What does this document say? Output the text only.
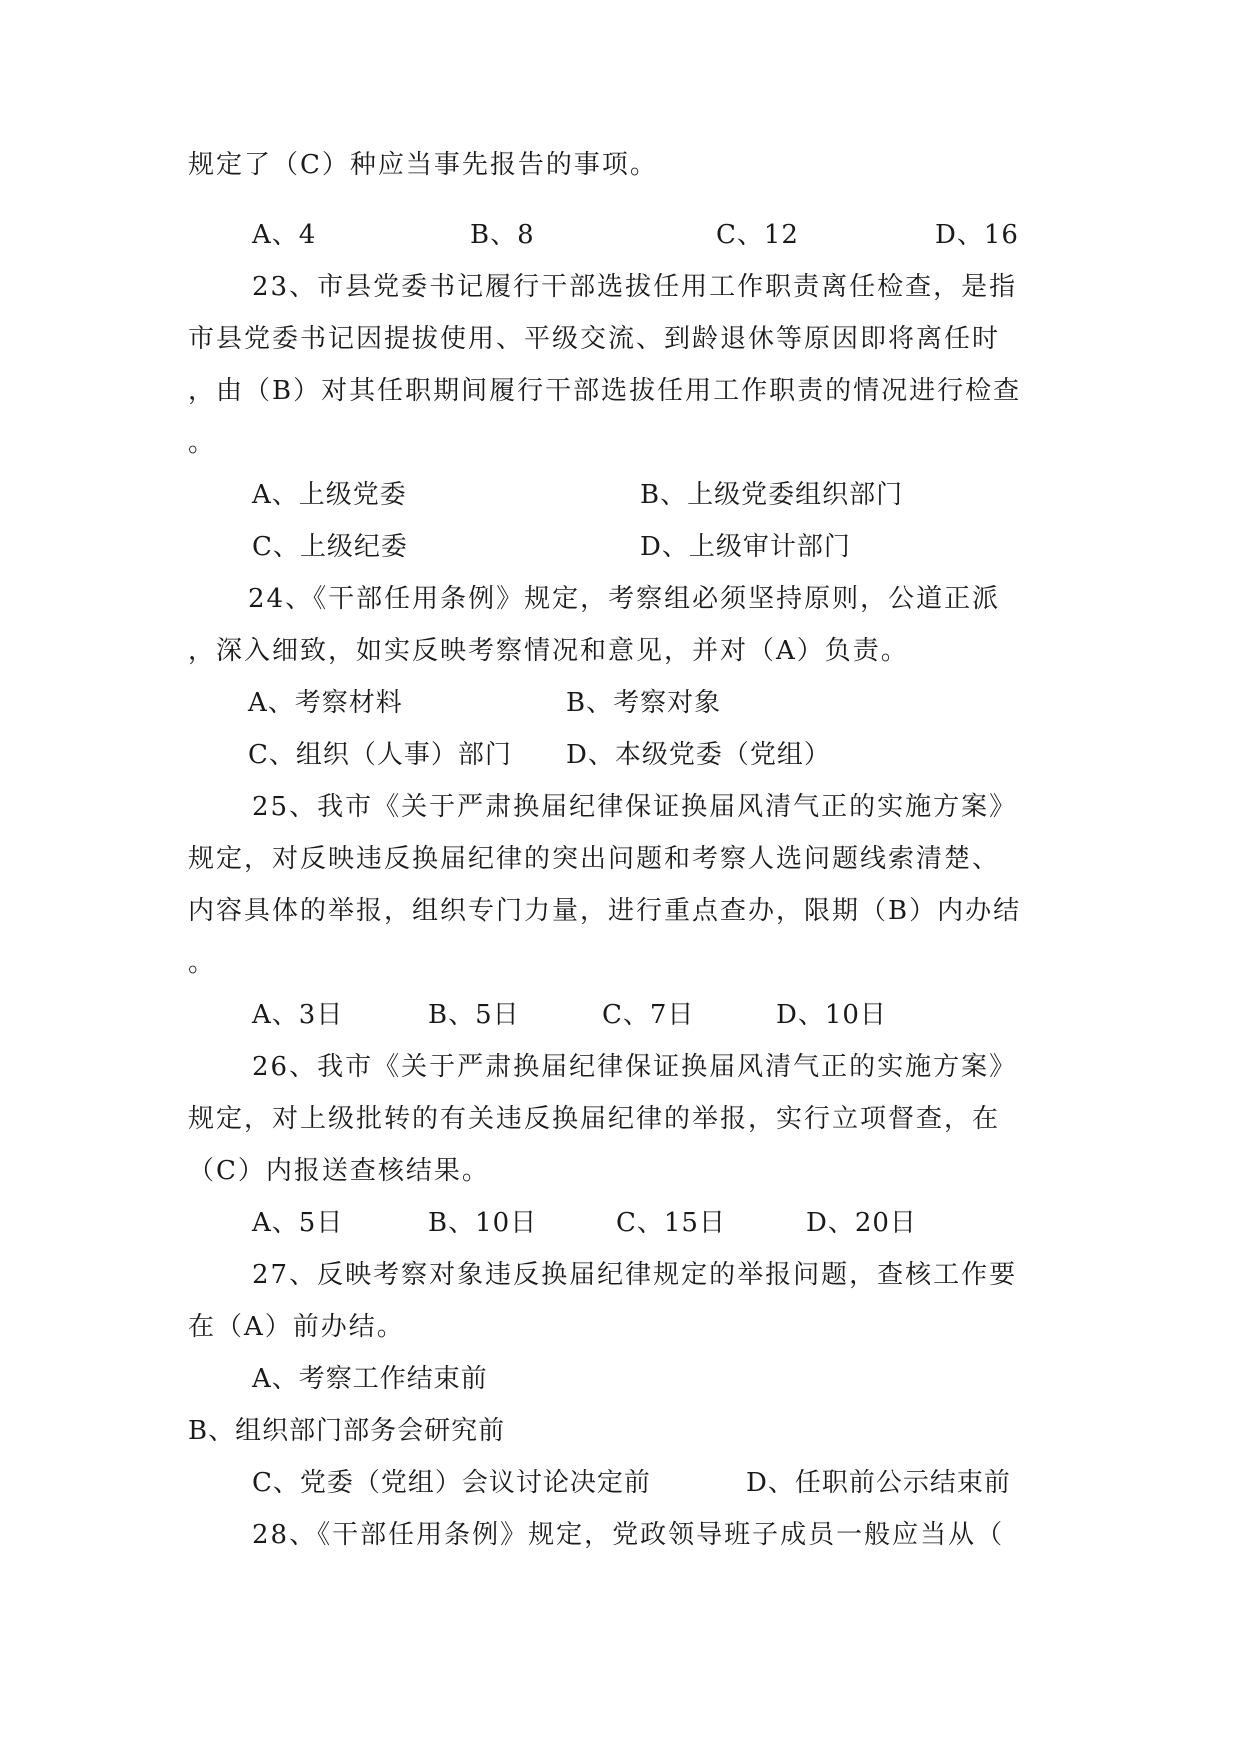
规定了（C）种应当事先报告的事项。
A、4	B、8	C、12	D、16
23、市县党委书记履行干部选拔任用工作职责离任检查，是指
市县党委书记因提拔使用、平级交流、到龄退休等原因即将离任时
，由（B）对其任职期间履行干部选拔任用工作职责的情况进行检查
。
A、上级党委	B、上级党委组织部门
C、上级纪委	D、上级审计部门
24、《干部任用条例》规定，考察组必须坚持原则，公道正派
，深入细致，如实反映考察情况和意见，并对（A）负责。
A、考察材料	B、考察对象
C、组织（人事）部门 D、本级党委（党组）
25、我市《关于严肃换届纪律保证换届风清气正的实施方案》
规定，对反映违反换届纪律的突出问题和考察人选问题线索清楚、
内容具体的举报，组织专门力量，进行重点查办，限期（B）内办结
。
A、3日	B、5日	C、7日	D、10日
26、我市《关于严肃换届纪律保证换届风清气正的实施方案》
规定，对上级批转的有关违反换届纪律的举报，实行立项督查，在
（C）内报送查核结果。
A、5日	B、10日	C、15日	D、20日
27、反映考察对象违反换届纪律规定的举报问题，查核工作要
在（A）前办结。
A、考察工作结束前
B、组织部门部务会研究前
C、党委（党组）会议讨论决定前	D、任职前公示结束前
28、《干部任用条例》规定，党政领导班子成员一般应当从（
